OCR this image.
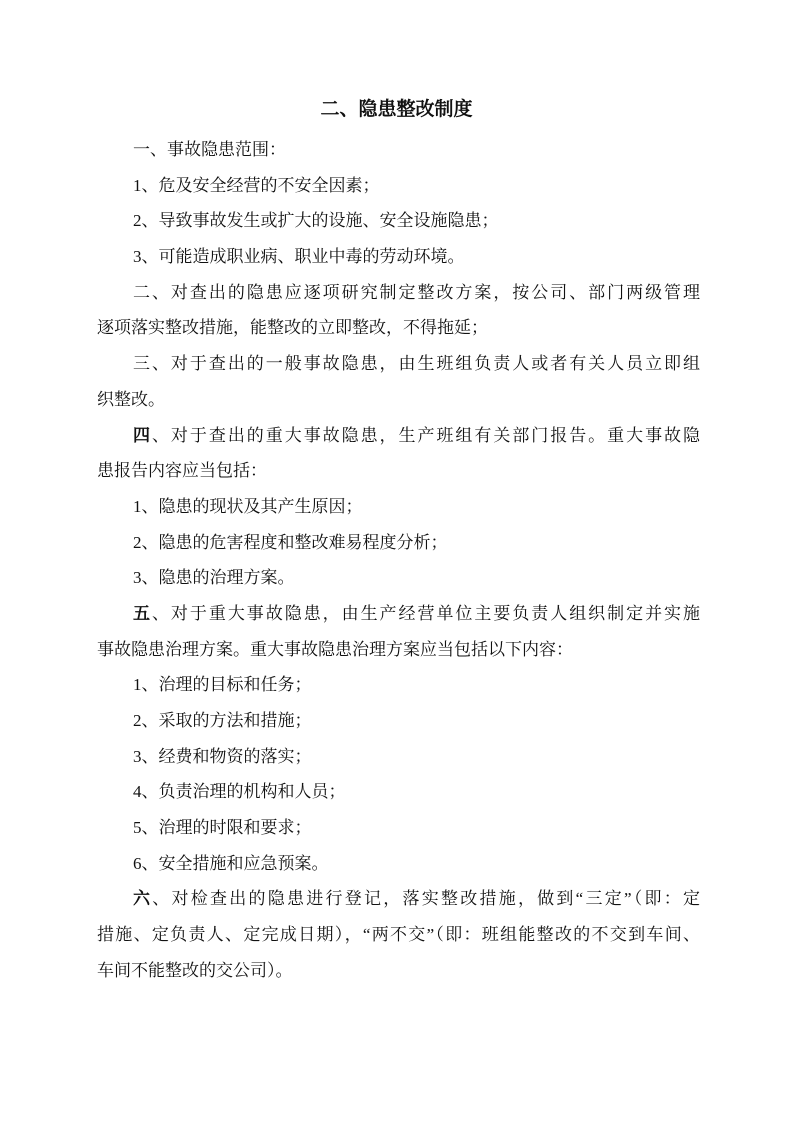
二、隐患整改制度
一、事故隐患范围：
1、危及安全经营的不安全因素；
2、导致事故发生或扩大的设施、安全设施隐患；
3、可能造成职业病、职业中毒的劳动环境。
二、对查出的隐患应逐项研究制定整改方案，按公司、部门两级管理
逐项落实整改措施，能整改的立即整改，不得拖延；
三、对于查出的一般事故隐患，由生班组负责人或者有关人员立即组
织整改。
四、对于查出的重大事故隐患，生产班组有关部门报告。重大事故隐
患报告内容应当包括：
1、隐患的现状及其产生原因；
2、隐患的危害程度和整改难易程度分析；
3、隐患的治理方案。
五、对于重大事故隐患，由生产经营单位主要负责人组织制定并实施
事故隐患治理方案。重大事故隐患治理方案应当包括以下内容：
1、治理的目标和任务；
2、采取的方法和措施；
3、经费和物资的落实；
4、负责治理的机构和人员；
5、治理的时限和要求；
6、安全措施和应急预案。
六、对检查出的隐患进行登记，落实整改措施，做到“三定”（即：定
措施、定负责人、定完成日期），“两不交”（即：班组能整改的不交到车间、
车间不能整改的交公司）。
